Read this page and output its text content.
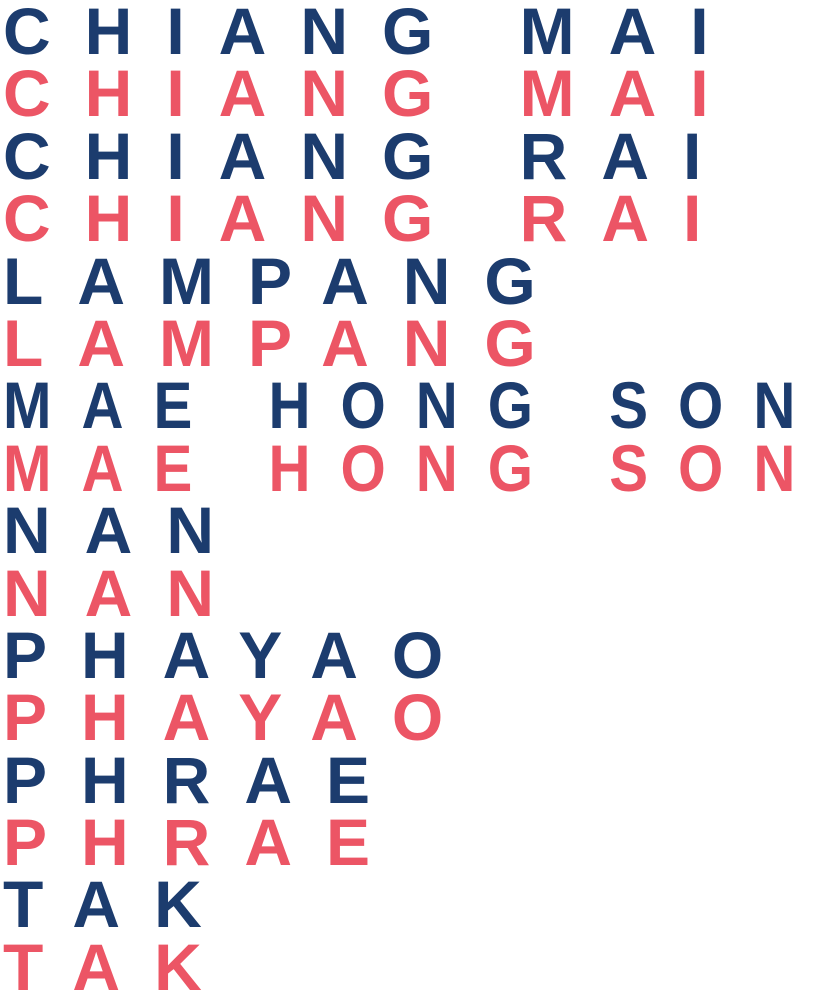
CHIANG MAI
CHIANG MAI
CHIANG RAI
CHIANG RAI
LAMPANG
LAMPANG
MAE HONG SON
MAE HONG SON
NAN
NAN
PHAYAO
PHAYAO
PHRAE
PHRAE
TAK
TAK
